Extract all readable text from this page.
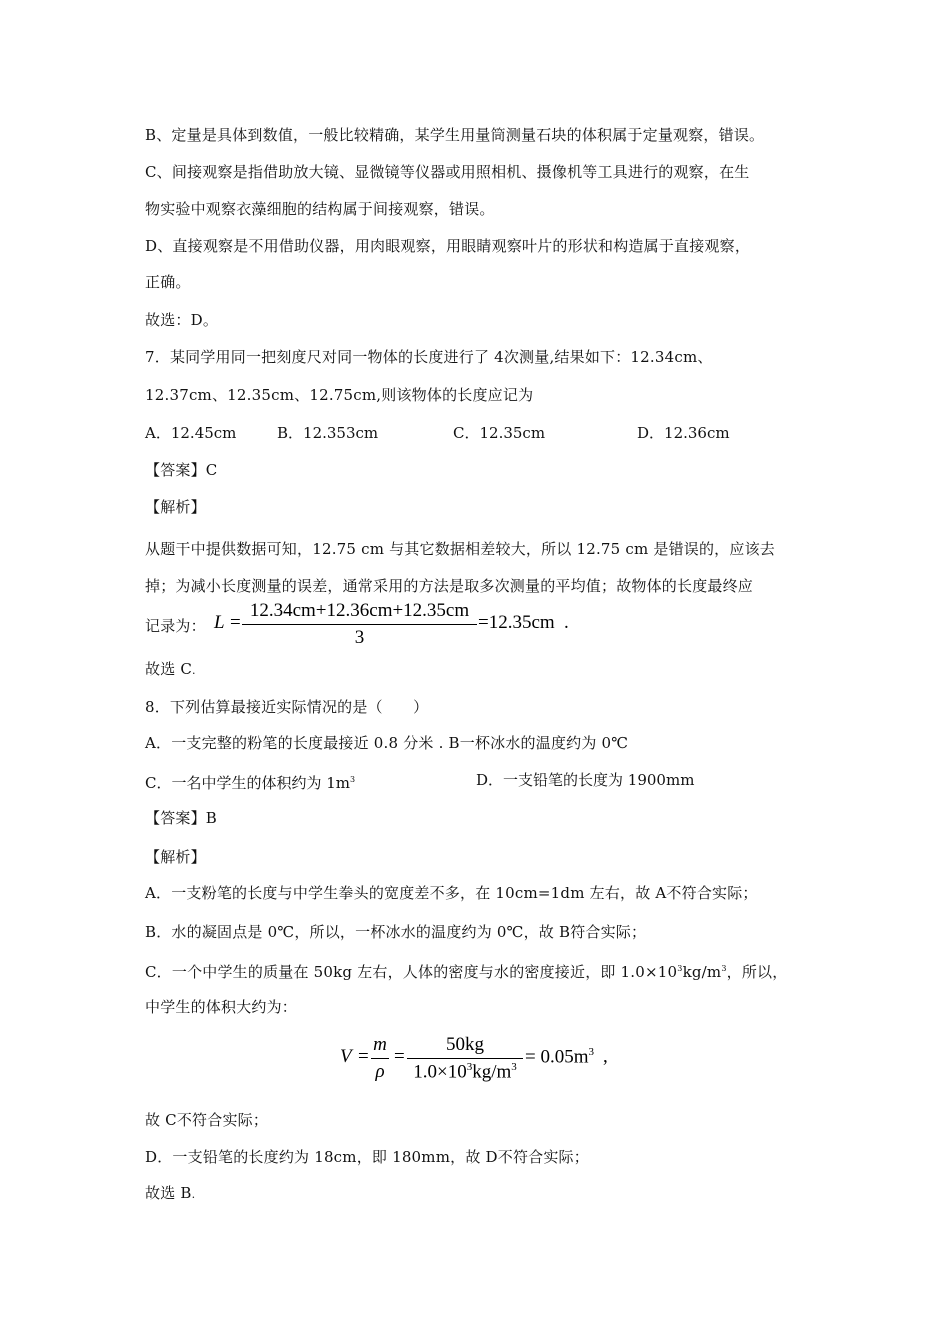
B、定量是具体到数值，一般比较精确，某学生用量筒测量石块的体积属于定量观察，错误。
C、间接观察是指借助放大镜、显微镜等仪器或用照相机、摄像机等工具进行的观察，在生
物实验中观察衣藻细胞的结构属于间接观察，错误。
D、直接观察是不用借助仪器，用肉眼观察，用眼睛观察叶片的形状和构造属于直接观察，
正确。
故选：D。
7．某同学用同一把刻度尺对同一物体的长度进行了 4次测量,结果如下：12.34cm、
12.37cm、12.35cm、12.75cm,则该物体的长度应记为
A．12.45cm	B．12.353cm	C．12.35cm	D．12.36cm
【答案】C
【解析】
从题干中提供数据可知，12.75 cm 与其它数据相差较大，所以 12.75 cm 是错误的，应该去
掉；为减小长度测量的误差，通常采用的方法是取多次测量的平均值；故物体的长度最终应
记录为： L =
12.34cm+12.36cm+12.35cm
3
=12.35cm .
故选 C.
8．下列估算最接近实际情况的是（　　）
A．一支完整的粉笔的长度最接近 0.8 分米 . B一杯冰水的温度约为 0℃
C．一名中学生的体积约为 $1m^3$	D．一支铅笔的长度为 1900mm
【答案】B
【解析】
A．一支粉笔的长度与中学生拳头的宽度差不多，在 10cm=1dm 左右，故 A不符合实际；
B．水的凝固点是 0℃，所以，一杯冰水的温度约为 0℃，故 B符合实际；
C．一个中学生的质量在 50kg 左右，人体的密度与水的密度接近，即 $1.0\times 10^3kg/m^3$，所以，
中学生的体积大约为：
V =
m
ρ
=
50kg
$1.0\times 10^3kg/m^3 = 0.05m^3$ ,
故 C不符合实际；
D．一支铅笔的长度约为 18cm，即 180mm，故 D不符合实际；
故选 B.
